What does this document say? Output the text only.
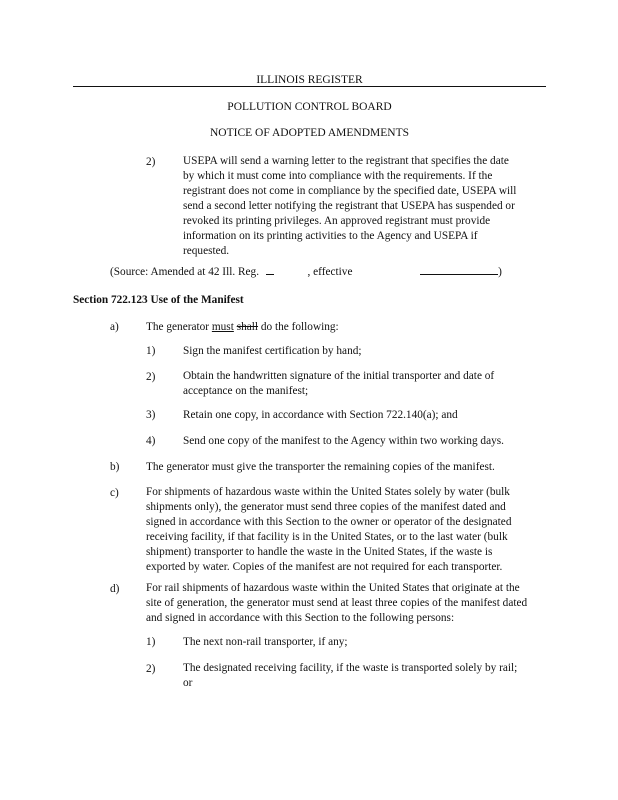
ILLINOIS REGISTER
POLLUTION CONTROL BOARD
NOTICE OF ADOPTED AMENDMENTS
2) USEPA will send a warning letter to the registrant that specifies the date
by which it must come into compliance with the requirements. If the
registrant does not come in compliance by the specified date, USEPA will
send a second letter notifying the registrant that USEPA has suspended or
revoked its printing privileges. An approved registrant must provide
information on its printing activities to the Agency and USEPA if
requested.
(Source: Amended at 42 Ill. Reg.	, effective	)
Section 722.123 Use of the Manifest
a) The generator must shall do the following:
1) Sign the manifest certification by hand;
2) Obtain the handwritten signature of the initial transporter and date of
acceptance on the manifest;
3) Retain one copy, in accordance with Section 722.140(a); and
4) Send one copy of the manifest to the Agency within two working days.
b) The generator must give the transporter the remaining copies of the manifest.
c) For shipments of hazardous waste within the United States solely by water (bulk
shipments only), the generator must send three copies of the manifest dated and
signed in accordance with this Section to the owner or operator of the designated
receiving facility, if that facility is in the United States, or to the last water (bulk
shipment) transporter to handle the waste in the United States, if the waste is
exported by water. Copies of the manifest are not required for each transporter.
d) For rail shipments of hazardous waste within the United States that originate at the
site of generation, the generator must send at least three copies of the manifest dated
and signed in accordance with this Section to the following persons:
1) The next non-rail transporter, if any;
2) The designated receiving facility, if the waste is transported solely by rail;
or
